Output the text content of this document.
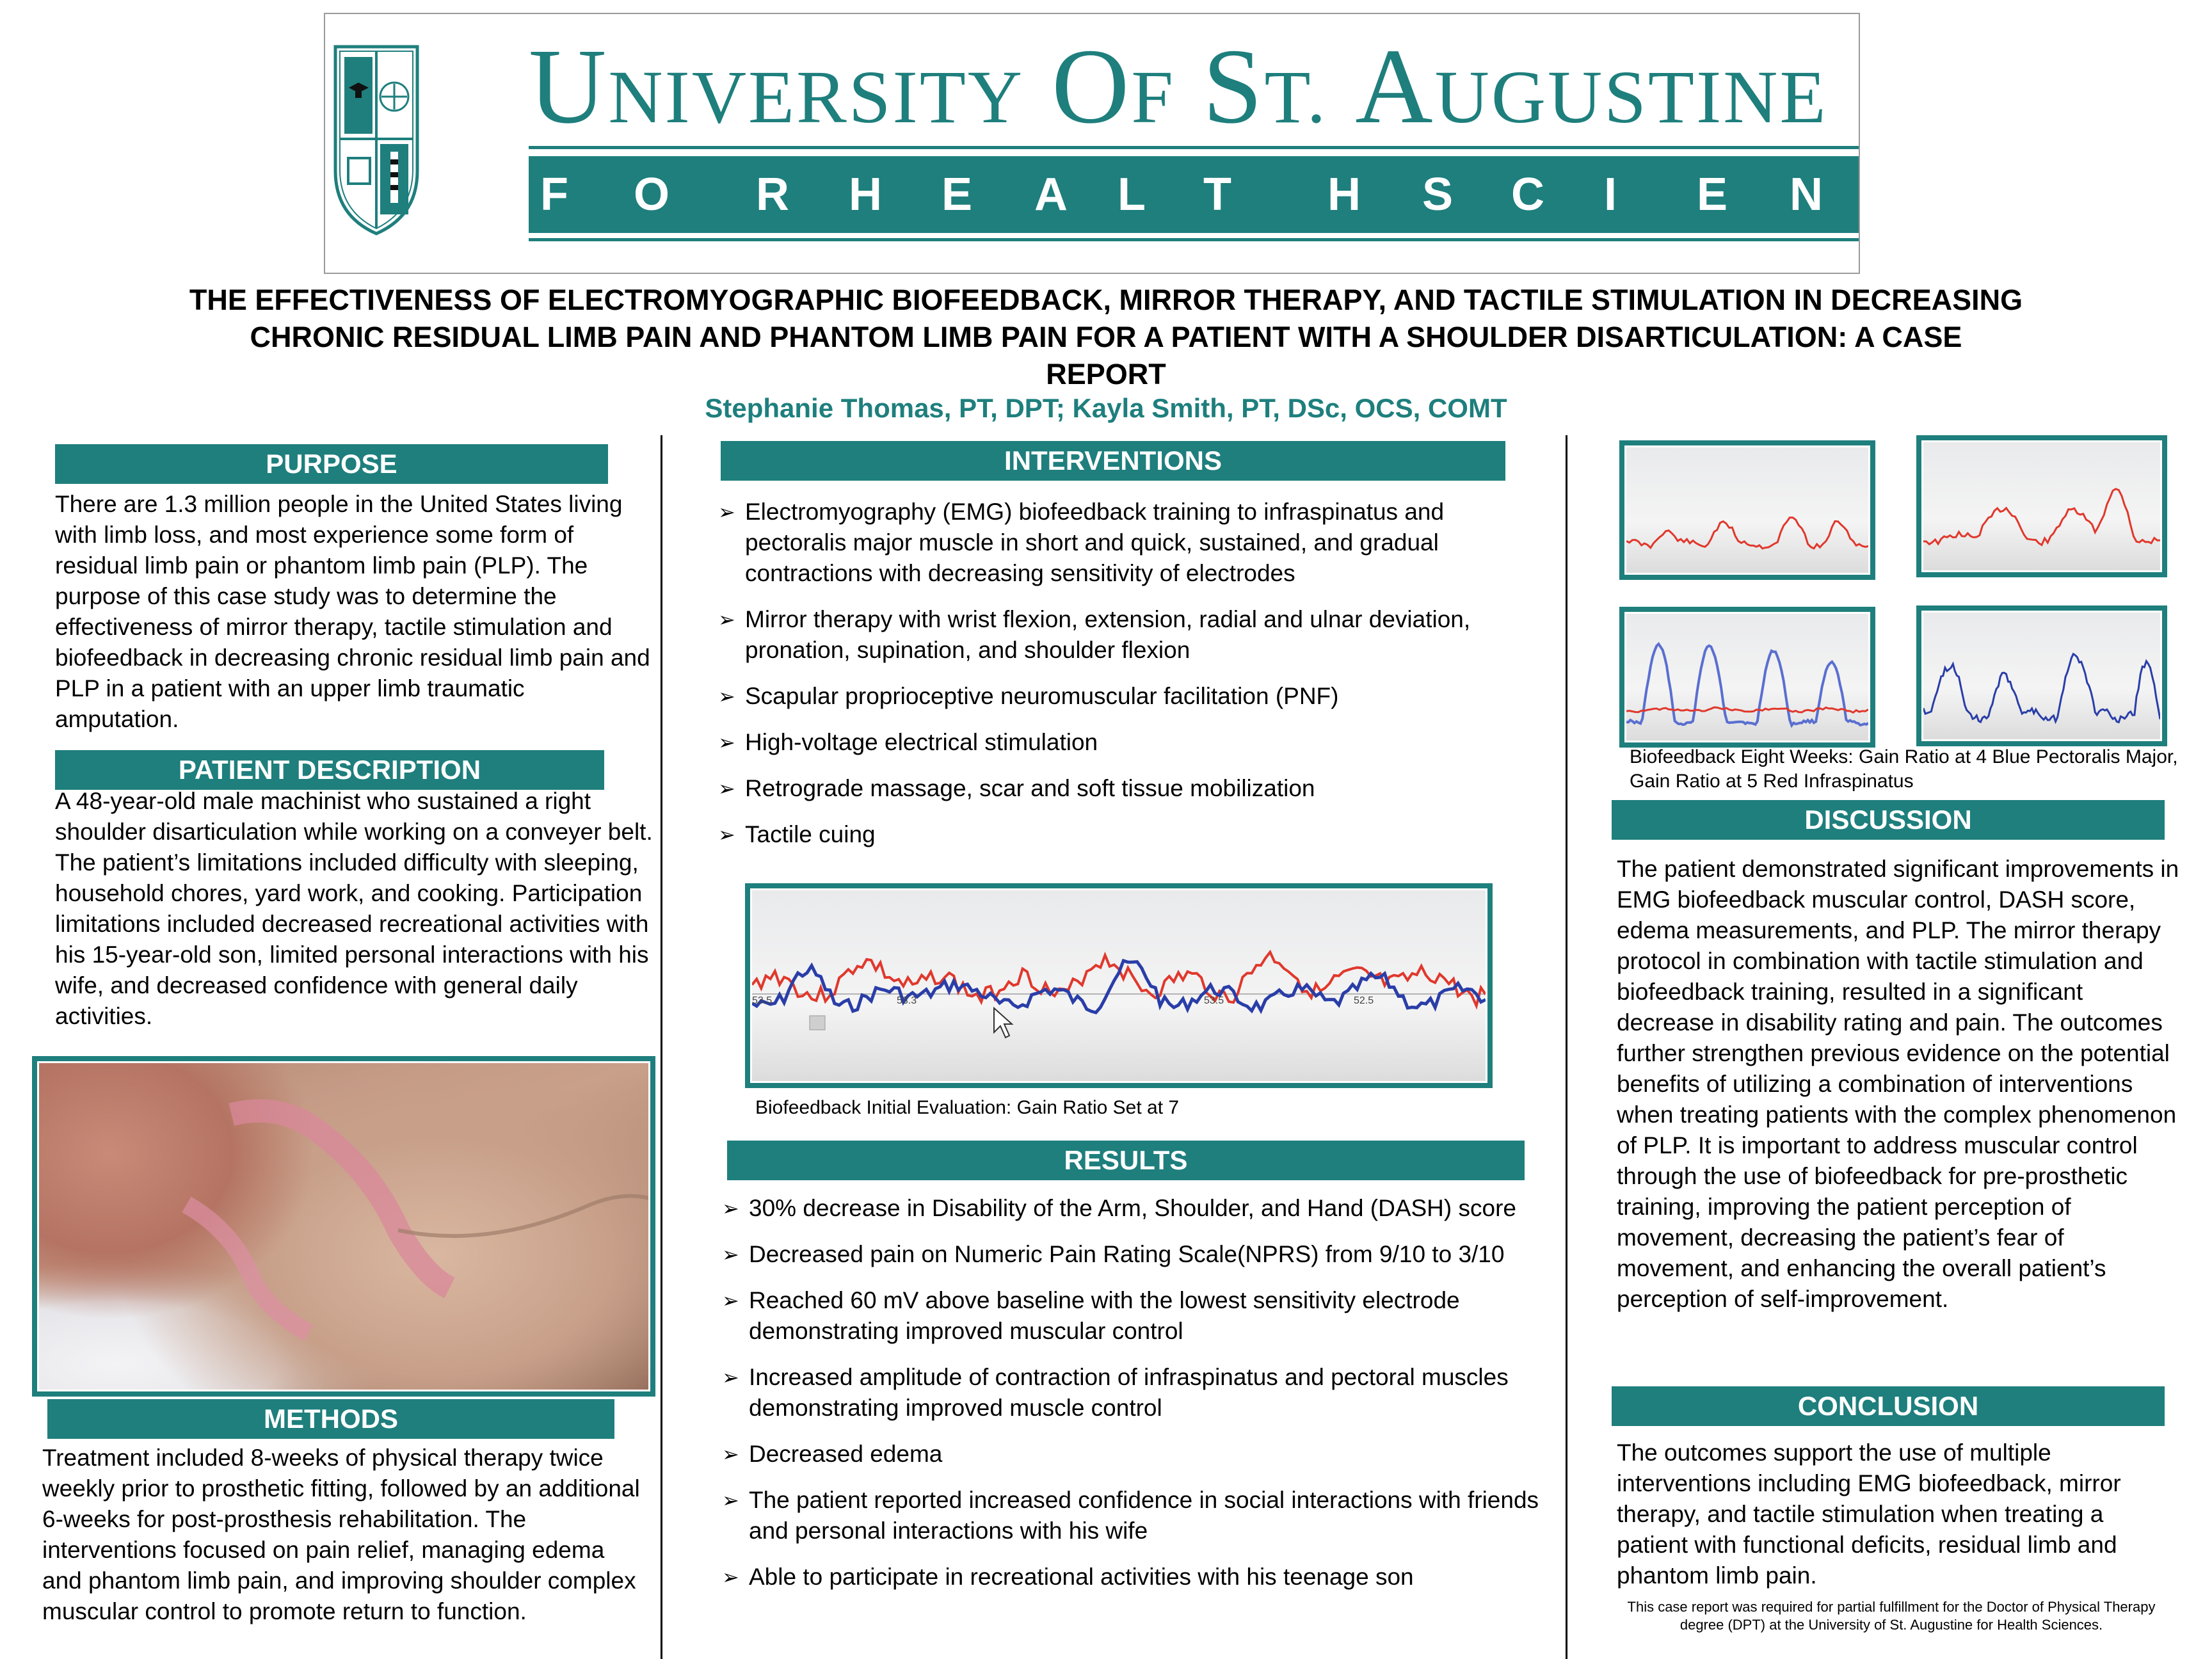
UNIVERSITY OF ST. AUGUSTINE
F O R H E A L T H S C I E N C E S
THE EFFECTIVENESS OF ELECTROMYOGRAPHIC BIOFEEDBACK, MIRROR THERAPY, AND TACTILE STIMULATION IN DECREASING
CHRONIC RESIDUAL LIMB PAIN AND PHANTOM LIMB PAIN FOR A PATIENT WITH A SHOULDER DISARTICULATION: A CASE
REPORT
Stephanie Thomas, PT, DPT; Kayla Smith, PT, DSc, OCS, COMT
PURPOSE
There are 1.3 million people in the United States living with limb loss, and most experience some form of residual limb pain or phantom limb pain (PLP). The purpose of this case study was to determine the effectiveness of mirror therapy, tactile stimulation and biofeedback in decreasing chronic residual limb pain and PLP in a patient with an upper limb traumatic amputation.
PATIENT DESCRIPTION
A 48-year-old male machinist who sustained a right shoulder disarticulation while working on a conveyer belt. The patient’s limitations included difficulty with sleeping, household chores, yard work, and cooking. Participation limitations included decreased recreational activities with his 15-year-old son, limited personal interactions with his wife, and decreased confidence with general daily activities.
METHODS
Treatment included 8-weeks of physical therapy twice weekly prior to prosthetic fitting, followed by an additional 6-weeks for post-prosthesis rehabilitation. The interventions focused on pain relief, managing edema and phantom limb pain, and improving shoulder complex muscular control to promote return to function.
INTERVENTIONS
➢ Electromyography (EMG) biofeedback training to infraspinatus and pectoralis major muscle in short and quick, sustained, and gradual contractions with decreasing sensitivity of electrodes
➢ Mirror therapy with wrist flexion, extension, radial and ulnar deviation, pronation, supination, and shoulder flexion
➢ Scapular proprioceptive neuromuscular facilitation (PNF)
➢ High-voltage electrical stimulation
➢ Retrograde massage, scar and soft tissue mobilization
➢ Tactile cuing
53.5	53.3	53.5	52.5
Biofeedback Initial Evaluation: Gain Ratio Set at 7
RESULTS
➢ 30% decrease in Disability of the Arm, Shoulder, and Hand (DASH) score
➢ Decreased pain on Numeric Pain Rating Scale(NPRS) from 9/10 to 3/10
➢ Reached 60 mV above baseline with the lowest sensitivity electrode demonstrating improved muscular control
➢ Increased amplitude of contraction of infraspinatus and pectoral muscles demonstrating improved muscle control
➢ Decreased edema
➢ The patient reported increased confidence in social interactions with friends and personal interactions with his wife
➢ Able to participate in recreational activities with his teenage son
Biofeedback Eight Weeks: Gain Ratio at 4 Blue Pectoralis Major, Gain Ratio at 5 Red Infraspinatus
DISCUSSION
The patient demonstrated significant improvements in EMG biofeedback muscular control, DASH score, edema measurements, and PLP. The mirror therapy protocol in combination with tactile stimulation and biofeedback training, resulted in a significant decrease in disability rating and pain. The outcomes further strengthen previous evidence on the potential benefits of utilizing a combination of interventions when treating patients with the complex phenomenon of PLP. It is important to address muscular control through the use of biofeedback for pre-prosthetic training, improving the patient perception of movement, decreasing the patient’s fear of movement, and enhancing the overall patient’s perception of self-improvement.
CONCLUSION
The outcomes support the use of multiple interventions including EMG biofeedback, mirror therapy, and tactile stimulation when treating a patient with functional deficits, residual limb and phantom limb pain.
This case report was required for partial fulfillment for the Doctor of Physical Therapy degree (DPT) at the University of St. Augustine for Health Sciences.
